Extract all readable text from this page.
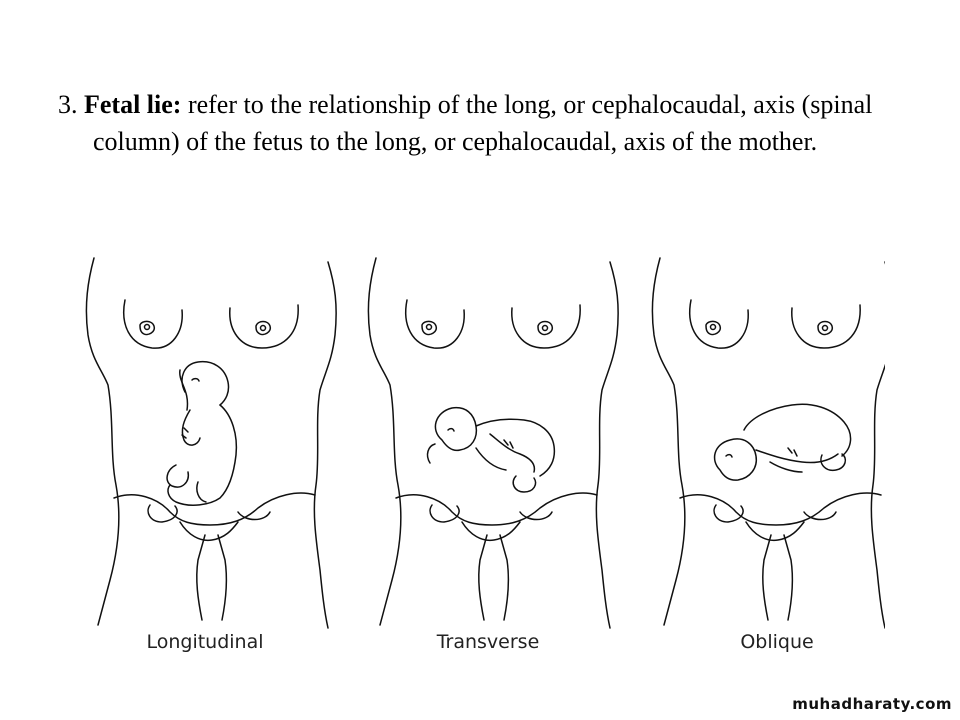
3. Fetal lie: refer to the relationship of the long, or cephalocaudal, axis (spinal column) of the fetus to the long, or cephalocaudal, axis of the mother.

Longitudinal	Transverse	Oblique
muhadharaty.com
